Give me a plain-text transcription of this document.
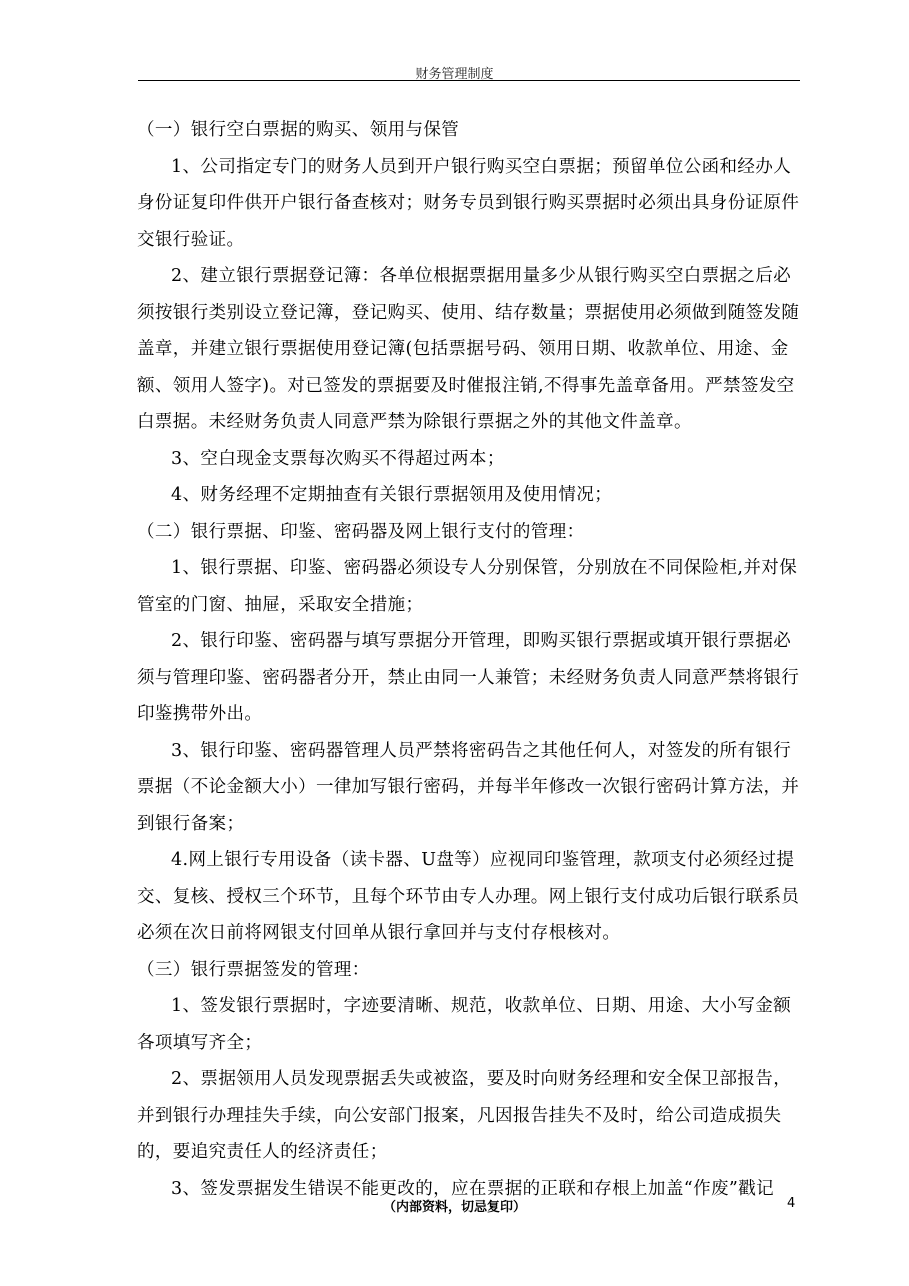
财务管理制度

（一）银行空白票据的购买、领用与保管

1、公司指定专门的财务人员到开户银行购买空白票据；预留单位公函和经办人身份证复印件供开户银行备查核对；财务专员到银行购买票据时必须出具身份证原件交银行验证。

2、建立银行票据登记簿：各单位根据票据用量多少从银行购买空白票据之后必须按银行类别设立登记簿，登记购买、使用、结存数量；票据使用必须做到随签发随盖章，并建立银行票据使用登记簿(包括票据号码、领用日期、收款单位、用途、金额、领用人签字)。对已签发的票据要及时催报注销,不得事先盖章备用。严禁签发空白票据。未经财务负责人同意严禁为除银行票据之外的其他文件盖章。

3、空白现金支票每次购买不得超过两本；

4、财务经理不定期抽查有关银行票据领用及使用情况；

（二）银行票据、印鉴、密码器及网上银行支付的管理：

1、银行票据、印鉴、密码器必须设专人分别保管，分别放在不同保险柜,并对保管室的门窗、抽屉，采取安全措施；

2、银行印鉴、密码器与填写票据分开管理，即购买银行票据或填开银行票据必须与管理印鉴、密码器者分开，禁止由同一人兼管；未经财务负责人同意严禁将银行印鉴携带外出。

3、银行印鉴、密码器管理人员严禁将密码告之其他任何人，对签发的所有银行票据（不论金额大小）一律加写银行密码，并每半年修改一次银行密码计算方法，并到银行备案；

4.网上银行专用设备（读卡器、U盘等）应视同印鉴管理，款项支付必须经过提交、复核、授权三个环节，且每个环节由专人办理。网上银行支付成功后银行联系员必须在次日前将网银支付回单从银行拿回并与支付存根核对。

（三）银行票据签发的管理：

1、签发银行票据时，字迹要清晰、规范，收款单位、日期、用途、大小写金额各项填写齐全；

2、票据领用人员发现票据丢失或被盗，要及时向财务经理和安全保卫部报告，并到银行办理挂失手续，向公安部门报案，凡因报告挂失不及时，给公司造成损失的，要追究责任人的经济责任；

3、签发票据发生错误不能更改的，应在票据的正联和存根上加盖“作废”戳记

（内部资料，切忌复印）	4
